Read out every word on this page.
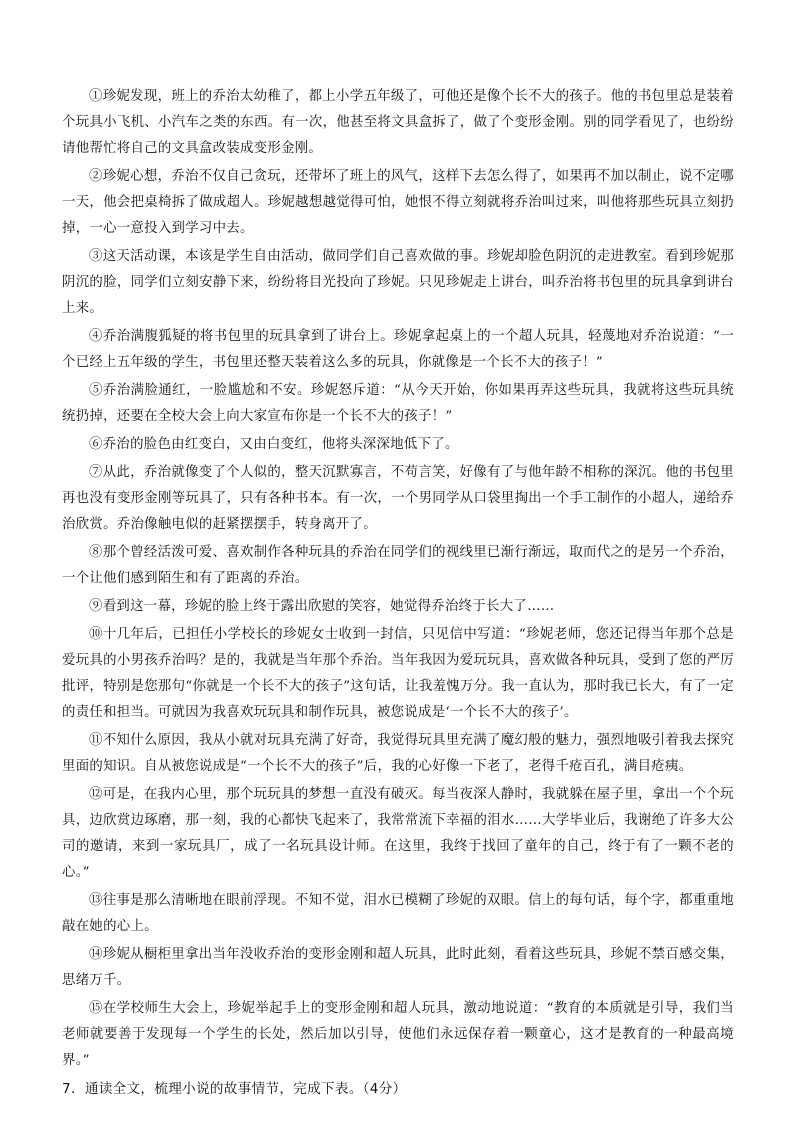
①珍妮发现，班上的乔治太幼稚了，都上小学五年级了，可他还是像个长不大的孩子。他的书包里总是装着个玩具小飞机、小汽车之类的东西。有一次，他甚至将文具盒拆了，做了个变形金刚。别的同学看见了，也纷纷请他帮忙将自己的文具盒改装成变形金刚。

②珍妮心想，乔治不仅自己贪玩，还带坏了班上的风气，这样下去怎么得了，如果再不加以制止，说不定哪一天，他会把桌椅拆了做成超人。珍妮越想越觉得可怕，她恨不得立刻就将乔治叫过来，叫他将那些玩具立刻扔掉，一心一意投入到学习中去。

③这天活动课，本该是学生自由活动，做同学们自己喜欢做的事。珍妮却脸色阴沉的走进教室。看到珍妮那阴沉的脸，同学们立刻安静下来，纷纷将目光投向了珍妮。只见珍妮走上讲台，叫乔治将书包里的玩具拿到讲台上来。

④乔治满腹狐疑的将书包里的玩具拿到了讲台上。珍妮拿起桌上的一个超人玩具，轻蔑地对乔治说道：“一个已经上五年级的学生，书包里还整天装着这么多的玩具，你就像是一个长不大的孩子！”

⑤乔治满脸通红，一脸尴尬和不安。珍妮怒斥道：“从今天开始，你如果再弄这些玩具，我就将这些玩具统统扔掉，还要在全校大会上向大家宣布你是一个长不大的孩子！”

⑥乔治的脸色由红变白，又由白变红，他将头深深地低下了。

⑦从此，乔治就像变了个人似的，整天沉默寡言，不苟言笑，好像有了与他年龄不相称的深沉。他的书包里再也没有变形金刚等玩具了，只有各种书本。有一次，一个男同学从口袋里掏出一个手工制作的小超人，递给乔治欣赏。乔治像触电似的赶紧摆摆手，转身离开了。

⑧那个曾经活泼可爱、喜欢制作各种玩具的乔治在同学们的视线里已渐行渐远，取而代之的是另一个乔治，一个让他们感到陌生和有了距离的乔治。

⑨看到这一幕，珍妮的脸上终于露出欣慰的笑容，她觉得乔治终于长大了……

⑩十几年后，已担任小学校长的珍妮女士收到一封信，只见信中写道：“珍妮老师，您还记得当年那个总是爱玩具的小男孩乔治吗？是的，我就是当年那个乔治。当年我因为爱玩玩具，喜欢做各种玩具，受到了您的严厉批评，特别是您那句“你就是一个长不大的孩子”这句话，让我羞愧万分。我一直认为，那时我已长大，有了一定的责任和担当。可就因为我喜欢玩玩具和制作玩具，被您说成是‘一个长不大的孩子’。

⑪不知什么原因，我从小就对玩具充满了好奇，我觉得玩具里充满了魔幻般的魅力，强烈地吸引着我去探究里面的知识。自从被您说成是“一个长不大的孩子”后，我的心好像一下老了，老得千疮百孔，满目疮痍。

⑫可是，在我内心里，那个玩玩具的梦想一直没有破灭。每当夜深人静时，我就躲在屋子里，拿出一个个玩具，边欣赏边琢磨，那一刻，我的心都快飞起来了，我常常流下幸福的泪水……大学毕业后，我谢绝了许多大公司的邀请，来到一家玩具厂，成了一名玩具设计师。在这里，我终于找回了童年的自己，终于有了一颗不老的心。”

⑬往事是那么清晰地在眼前浮现。不知不觉，泪水已模糊了珍妮的双眼。信上的每句话，每个字，都重重地敲在她的心上。

⑭珍妮从橱柜里拿出当年没收乔治的变形金刚和超人玩具，此时此刻，看着这些玩具，珍妮不禁百感交集，思绪万千。

⑮在学校师生大会上，珍妮举起手上的变形金刚和超人玩具，激动地说道：“教育的本质就是引导，我们当老师就要善于发现每一个学生的长处，然后加以引导，使他们永远保存着一颗童心，这才是教育的一种最高境界。”

7．通读全文，梳理小说的故事情节，完成下表。（4分）
